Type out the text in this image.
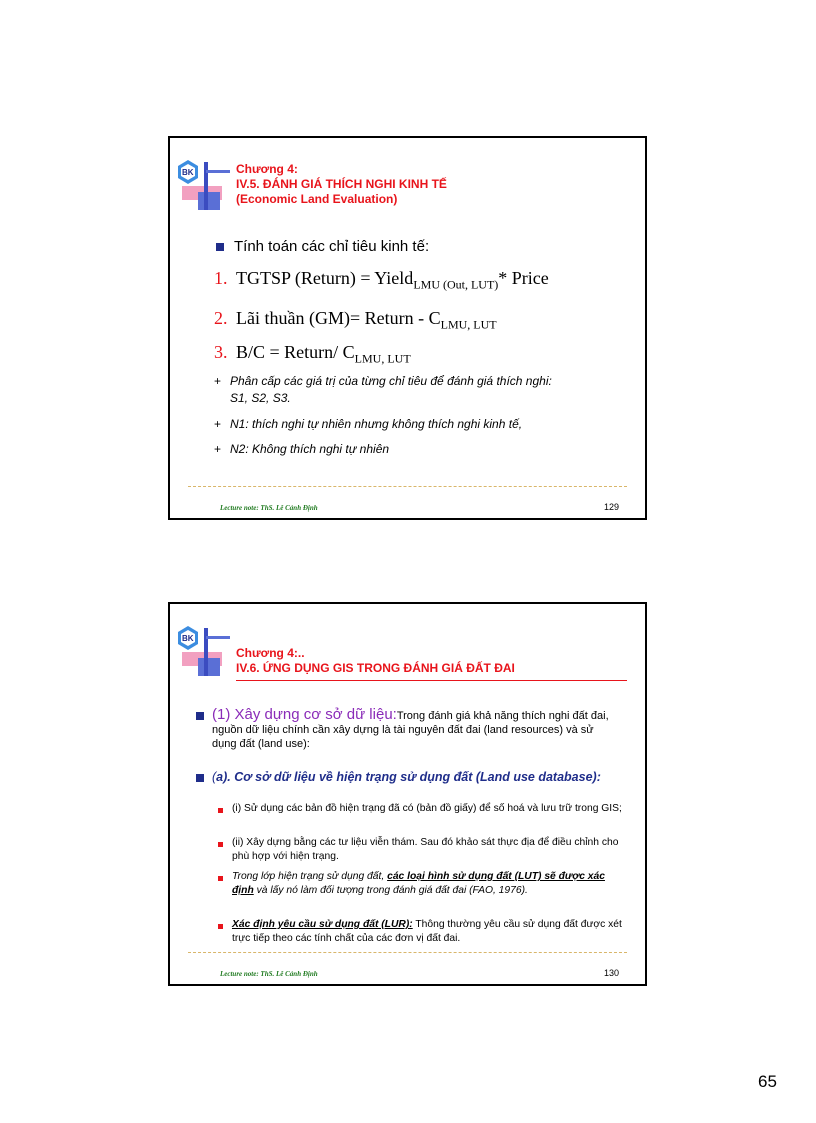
BK	Chương 4:
IV.5. ĐÁNH GIÁ THÍCH NGHI KINH TẾ
(Economic Land Evaluation)
Tính toán các chỉ tiêu kinh tế:
1. TGTSP (Return) = Yield$_{LMU (Out, LUT)}$* Price
2. Lãi thuần (GM)= Return - $C_{LMU, LUT}$
3. B/C = Return/ $C_{LMU, LUT}$
+ Phân cấp các giá trị của từng chỉ tiêu để đánh giá thích nghi:
S1, S2, S3.
+ N1: thích nghi tự nhiên nhưng không thích nghi kinh tế,
+ N2: Không thích nghi tự nhiên
Lecture note: ThS. Lê Cảnh Định	129
BK
Chương 4:..
IV.6. ỨNG DỤNG GIS TRONG ĐÁNH GIÁ ĐẤT ĐAI
(1) Xây dựng cơ sở dữ liệu:Trong đánh giá khả năng thích nghi đất đai, nguồn dữ liệu chính cần xây dựng là tài nguyên đất đai (land resources) và sử dụng đất (land use):
(a). Cơ sở dữ liệu về hiện trạng sử dụng đất (Land use database):
(i) Sử dụng các bản đồ hiện trạng đã có (bản đồ giấy) để số hoá và lưu trữ trong GIS;
(ii) Xây dựng bằng các tư liệu viễn thám. Sau đó khảo sát thực địa để điều chỉnh cho phù hợp với hiện trạng.
Trong lớp hiện trạng sử dụng đất, các loại hình sử dụng đất (LUT) sẽ được xác định và lấy nó làm đối tượng trong đánh giá đất đai (FAO, 1976).
Xác định yêu cầu sử dụng đất (LUR): Thông thường yêu cầu sử dụng đất được xét trực tiếp theo các tính chất của các đơn vị đất đai.
Lecture note: ThS. Lê Cảnh Định	130
65
